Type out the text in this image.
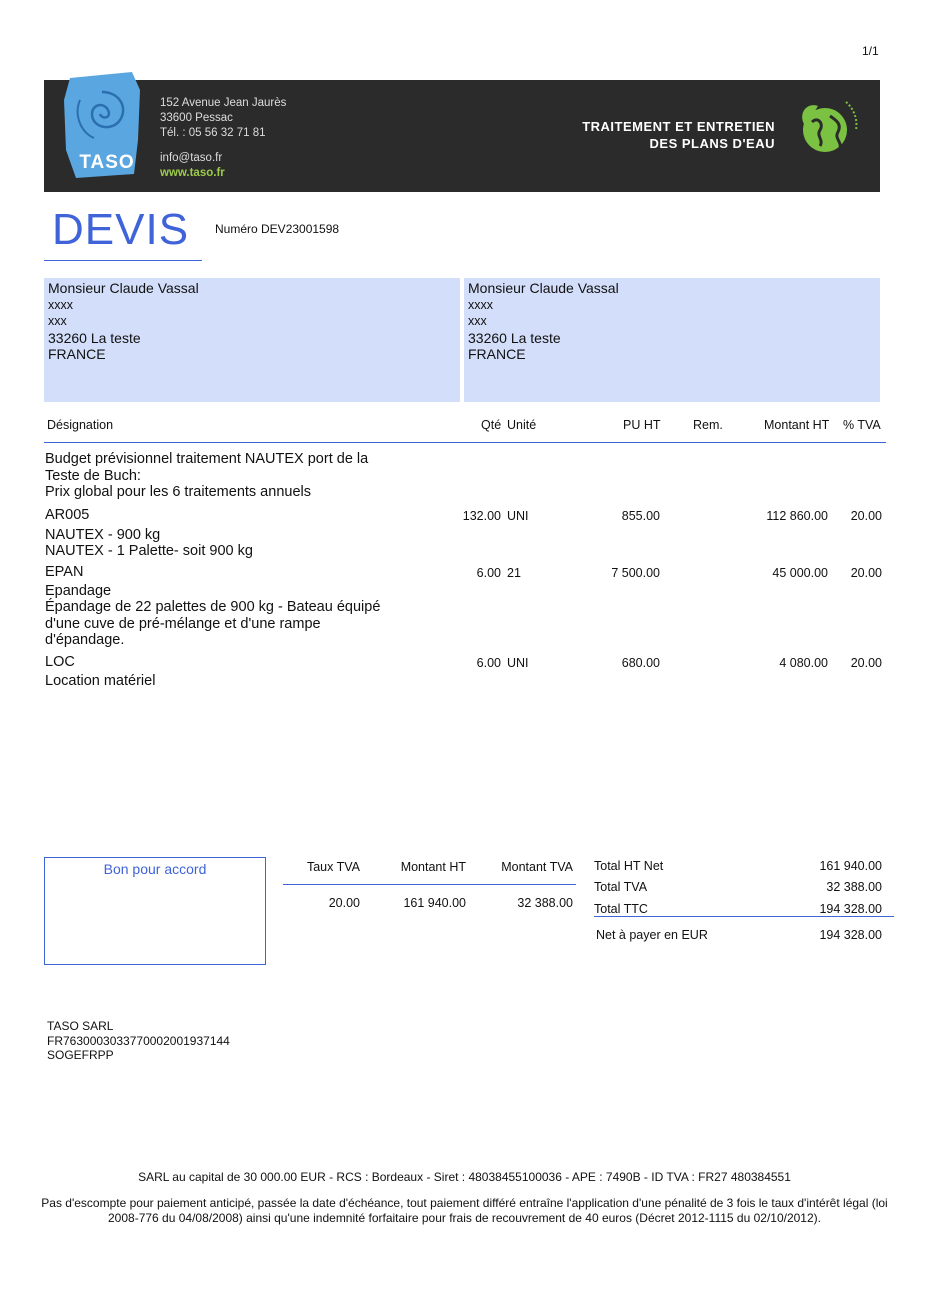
1/1
TASO
152 Avenue Jean Jaurès
33600 Pessac
Tél. : 05 56 32 71 81
info@taso.fr
www.taso.fr
TRAITEMENT ET ENTRETIEN
DES PLANS D'EAU
DEVIS Numéro DEV23001598
Monsieur Claude Vassal
xxxx
xxx
33260 La teste
FRANCE
Monsieur Claude Vassal
xxxx
xxx
33260 La teste
FRANCE
Désignation	Qté Unité	PU HT	Rem.	Montant HT % TVA
Budget prévisionnel traitement NAUTEX port de la
Teste de Buch:
Prix global pour les 6 traitements annuels
AR005
NAUTEX - 900 kg
NAUTEX - 1 Palette- soit 900 kg
132.00 UNI	855.00	112 860.00	20.00
EPAN
Epandage
Épandage de 22 palettes de 900 kg - Bateau équipé
d'une cuve de pré-mélange et d'une rampe
d'épandage.
6.00 21	7 500.00	45 000.00	20.00
LOC
Location matériel
6.00 UNI	680.00	4 080.00	20.00
Bon pour accord	Taux TVA	Montant HT	Montant TVA
20.00	161 940.00	32 388.00
Total HT Net	161 940.00
Total TVA	32 388.00
Total TTC	194 328.00
Net à payer en EUR	194 328.00
TASO SARL
FR7630003033770002001937144
SOGEFRPP
SARL au capital de 30 000.00 EUR - RCS : Bordeaux - Siret : 48038455100036 - APE : 7490B - ID TVA : FR27 480384551
Pas d'escompte pour paiement anticipé, passée la date d'échéance, tout paiement différé entraîne l'application d'une pénalité de 3 fois le taux d'intérêt légal (loi 2008-776 du 04/08/2008) ainsi qu'une indemnité forfaitaire pour frais de recouvrement de 40 euros (Décret 2012-1115 du 02/10/2012).
